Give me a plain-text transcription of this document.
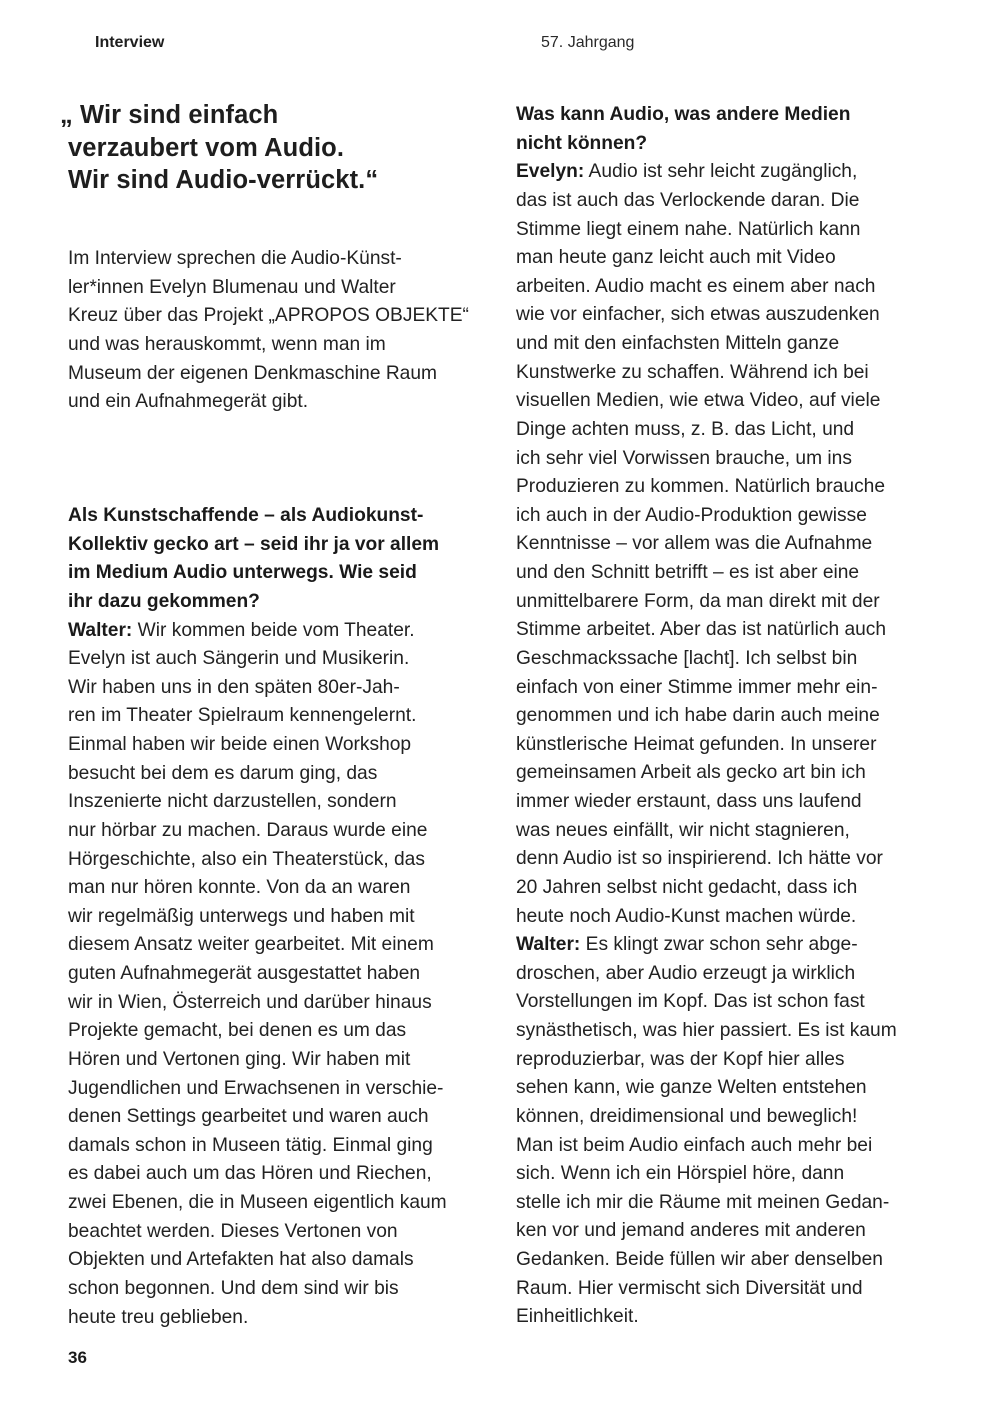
Interview	57. Jahrgang
„ Wir sind einfach
verzaubert vom Audio.
Wir sind Audio-verrückt.“
Im Interview sprechen die Audio-Künst-
ler*innen Evelyn Blumenau und Walter
Kreuz über das Projekt „APROPOS OBJEKTE“
und was herauskommt, wenn man im
Museum der eigenen Denkmaschine Raum
und ein Aufnahmegerät gibt.
Als Kunstschaffende – als Audiokunst-
Kollektiv gecko art – seid ihr ja vor allem
im Medium Audio unterwegs. Wie seid
ihr dazu gekommen?
Walter: Wir kommen beide vom Theater.
Evelyn ist auch Sängerin und Musikerin.
Wir haben uns in den späten 80er-Jah-
ren im Theater Spielraum kennengelernt.
Einmal haben wir beide einen Workshop
besucht bei dem es darum ging, das
Inszenierte nicht darzustellen, sondern
nur hörbar zu machen. Daraus wurde eine
Hörgeschichte, also ein Theaterstück, das
man nur hören konnte. Von da an waren
wir regelmäßig unterwegs und haben mit
diesem Ansatz weiter gearbeitet. Mit einem
guten Aufnahmegerät ausgestattet haben
wir in Wien, Österreich und darüber hinaus
Projekte gemacht, bei denen es um das
Hören und Vertonen ging. Wir haben mit
Jugendlichen und Erwachsenen in verschie-
denen Settings gearbeitet und waren auch
damals schon in Museen tätig. Einmal ging
es dabei auch um das Hören und Riechen,
zwei Ebenen, die in Museen eigentlich kaum
beachtet werden. Dieses Vertonen von
Objekten und Artefakten hat also damals
schon begonnen. Und dem sind wir bis
heute treu geblieben.
Was kann Audio, was andere Medien
nicht können?
Evelyn: Audio ist sehr leicht zugänglich,
das ist auch das Verlockende daran. Die
Stimme liegt einem nahe. Natürlich kann
man heute ganz leicht auch mit Video
arbeiten. Audio macht es einem aber nach
wie vor einfacher, sich etwas auszudenken
und mit den einfachsten Mitteln ganze
Kunstwerke zu schaffen. Während ich bei
visuellen Medien, wie etwa Video, auf viele
Dinge achten muss, z. B. das Licht, und
ich sehr viel Vorwissen brauche, um ins
Produzieren zu kommen. Natürlich brauche
ich auch in der Audio-Produktion gewisse
Kenntnisse – vor allem was die Aufnahme
und den Schnitt betrifft – es ist aber eine
unmittelbarere Form, da man direkt mit der
Stimme arbeitet. Aber das ist natürlich auch
Geschmackssache [lacht]. Ich selbst bin
einfach von einer Stimme immer mehr ein-
genommen und ich habe darin auch meine
künstlerische Heimat gefunden. In unserer
gemeinsamen Arbeit als gecko art bin ich
immer wieder erstaunt, dass uns laufend
was neues einfällt, wir nicht stagnieren,
denn Audio ist so inspirierend. Ich hätte vor
20 Jahren selbst nicht gedacht, dass ich
heute noch Audio-Kunst machen würde.
Walter: Es klingt zwar schon sehr abge-
droschen, aber Audio erzeugt ja wirklich
Vorstellungen im Kopf. Das ist schon fast
synästhetisch, was hier passiert. Es ist kaum
reproduzierbar, was der Kopf hier alles
sehen kann, wie ganze Welten entstehen
können, dreidimensional und beweglich!
Man ist beim Audio einfach auch mehr bei
sich. Wenn ich ein Hörspiel höre, dann
stelle ich mir die Räume mit meinen Gedan-
ken vor und jemand anderes mit anderen
Gedanken. Beide füllen wir aber denselben
Raum. Hier vermischt sich Diversität und
Einheitlichkeit.
36
